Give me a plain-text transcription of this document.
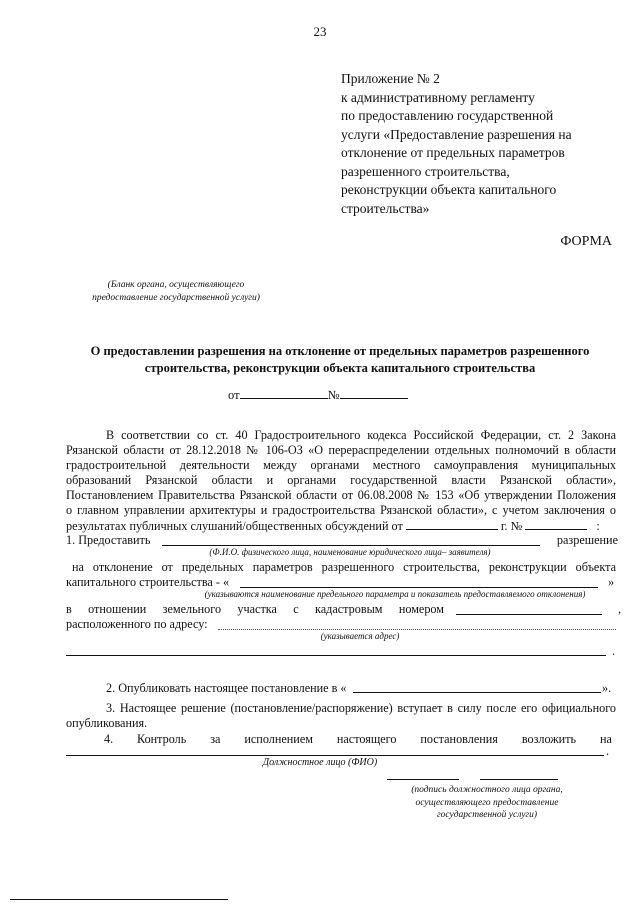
23
Приложение № 2
к административному регламенту
по предоставлению государственной
услуги «Предоставление разрешения на
отклонение от предельных параметров
разрешенного строительства,
реконструкции объекта капитального
строительства»
ФОРМА
(Бланк органа, осуществляющего
предоставление государственной услуги)
О предоставлении разрешения на отклонение от предельных параметров разрешенного
строительства, реконструкции объекта капитального строительства
от	№
В соответствии со ст. 40 Градостроительного кодекса Российской Федерации, ст. 2 Закона
Рязанской области от 28.12.2018 № 106-ОЗ «О перераспределении отдельных полномочий в области
градостроительной деятельности между органами местного самоуправления муниципальных
образований Рязанской области и органами государственной власти Рязанской области»,
Постановлением Правительства Рязанской области от 06.08.2008 № 153 «Об утверждении Положения
о главном управлении архитектуры и градостроительства Рязанской области», с учетом заключения о
результатах публичных слушаний/общественных обсуждений от	г. №	:
1. Предоставить	разрешение
(Ф.И.О. физического лица, наименование юридического лица– заявителя)
на отклонение от предельных параметров разрешенного строительства, реконструкции объекта
капитального строительства - «	»
(указываются наименование предельного параметра и показатель предоставляемого отклонения)
в отношении земельного участка с кадастровым номером	,
расположенного по адресу:
(указывается адрес)
.
2. Опубликовать настоящее постановление в «	».
3. Настоящее решение (постановление/распоряжение) вступает в силу после его официального
опубликования.
4. Контроль за исполнением настоящего постановления возложить на
.
Должностное лицо (ФИО)
(подпись должностного лица органа,
осуществляющего предоставление
государственной услуги)
